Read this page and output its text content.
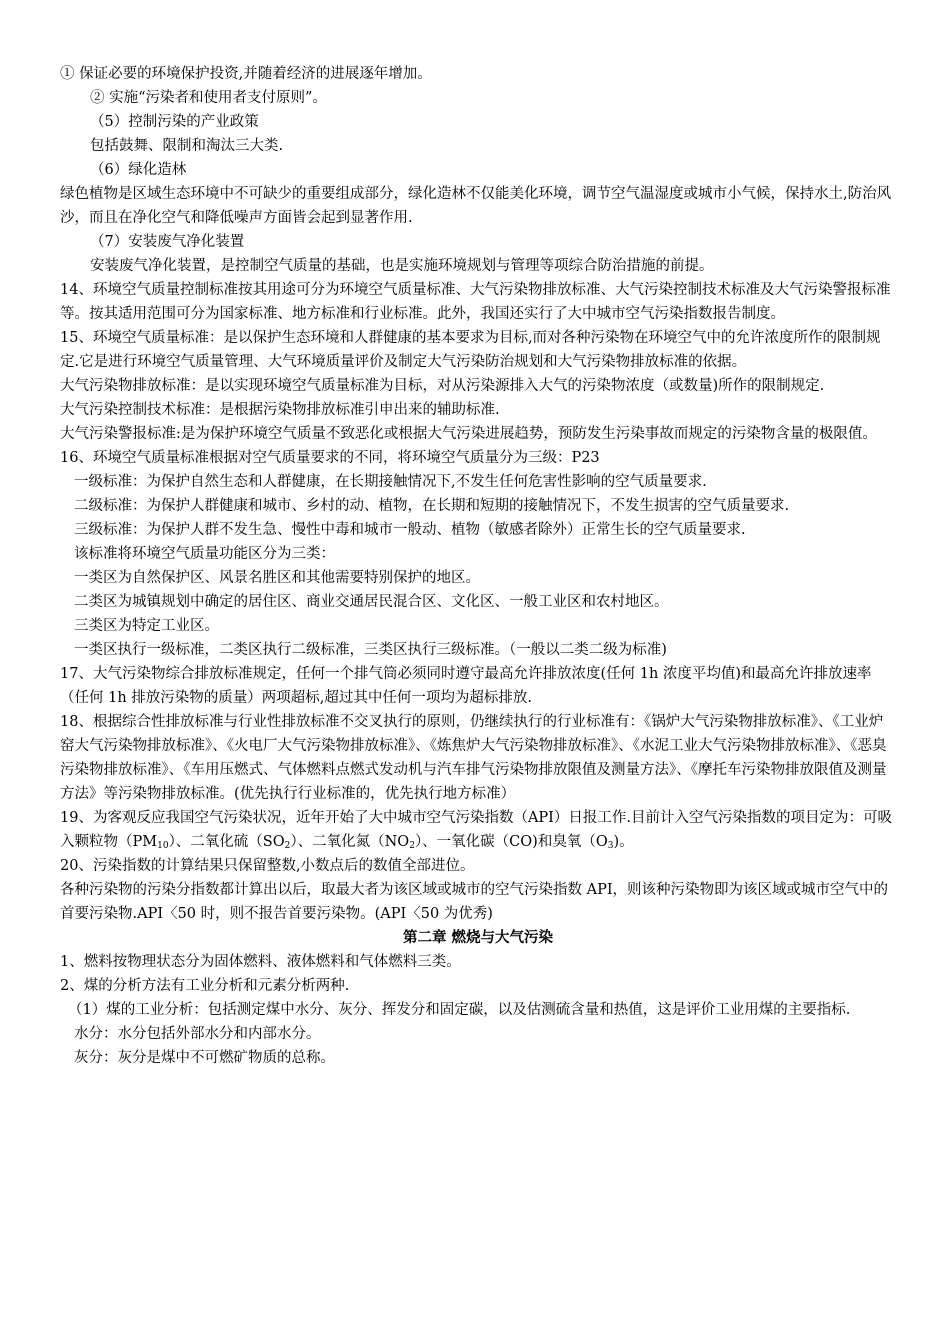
① 保证必要的环境保护投资,并随着经济的进展逐年增加。

② 实施“污染者和使用者支付原则”。

（5）控制污染的产业政策

包括鼓舞、限制和淘汰三大类.

（6）绿化造林

绿色植物是区域生态环境中不可缺少的重要组成部分，绿化造林不仅能美化环境，调节空气温湿度或城市小气候，保持水土,防治风沙，而且在净化空气和降低噪声方面皆会起到显著作用.

（7）安装废气净化装置

安装废气净化装置，是控制空气质量的基础，也是实施环境规划与管理等项综合防治措施的前提。

14、环境空气质量控制标准按其用途可分为环境空气质量标准、大气污染物排放标准、大气污染控制技术标准及大气污染警报标准等。按其适用范围可分为国家标准、地方标准和行业标准。此外，我国还实行了大中城市空气污染指数报告制度。

15、环境空气质量标准：是以保护生态环境和人群健康的基本要求为目标,而对各种污染物在环境空气中的允许浓度所作的限制规定.它是进行环境空气质量管理、大气环境质量评价及制定大气污染防治规划和大气污染物排放标准的依据。

大气污染物排放标准：是以实现环境空气质量标准为目标，对从污染源排入大气的污染物浓度（或数量)所作的限制规定.

大气污染控制技术标准：是根据污染物排放标准引申出来的辅助标准.

大气污染警报标准:是为保护环境空气质量不致恶化或根据大气污染进展趋势，预防发生污染事故而规定的污染物含量的极限值。

16、环境空气质量标准根据对空气质量要求的不同，将环境空气质量分为三级：P23

一级标准：为保护自然生态和人群健康，在长期接触情况下,不发生任何危害性影响的空气质量要求.

二级标准：为保护人群健康和城市、乡村的动、植物，在长期和短期的接触情况下，不发生损害的空气质量要求.

三级标准：为保护人群不发生急、慢性中毒和城市一般动、植物（敏感者除外）正常生长的空气质量要求.

该标准将环境空气质量功能区分为三类：

一类区为自然保护区、风景名胜区和其他需要特别保护的地区。

二类区为城镇规划中确定的居住区、商业交通居民混合区、文化区、一般工业区和农村地区。

三类区为特定工业区。

一类区执行一级标准，二类区执行二级标准，三类区执行三级标准。（一般以二类二级为标准)

17、大气污染物综合排放标准规定，任何一个排气筒必须同时遵守最高允许排放浓度(任何 1h 浓度平均值)和最高允许排放速率（任何 1h 排放污染物的质量）两项超标,超过其中任何一项均为超标排放.

18、根据综合性排放标准与行业性排放标准不交叉执行的原则，仍继续执行的行业标准有：《锅炉大气污染物排放标准》、《工业炉窑大气污染物排放标准》、《火电厂大气污染物排放标准》、《炼焦炉大气污染物排放标准》、《水泥工业大气污染物排放标准》、《恶臭污染物排放标准》、《车用压燃式、气体燃料点燃式发动机与汽车排气污染物排放限值及测量方法》、《摩托车污染物排放限值及测量方法》等污染物排放标准。(优先执行行业标准的，优先执行地方标准）

19、为客观反应我国空气污染状况，近年开始了大中城市空气污染指数（API）日报工作.目前计入空气污染指数的项目定为：可吸入颗粒物$(PM_{10})$、二氧化硫$(SO_2)$、二氧化氮$(NO_2)$、一氧化碳（CO)和臭氧$(O_3)$。

20、污染指数的计算结果只保留整数,小数点后的数值全部进位。

各种污染物的污染分指数都计算出以后，取最大者为该区域或城市的空气污染指数 API，则该种污染物即为该区域或城市空气中的首要污染物.API〈50 时，则不报告首要污染物。(API〈50 为优秀)

第二章 燃烧与大气污染

1、燃料按物理状态分为固体燃料、液体燃料和气体燃料三类。

2、煤的分析方法有工业分析和元素分析两种.

（1）煤的工业分析：包括测定煤中水分、灰分、挥发分和固定碳，以及估测硫含量和热值，这是评价工业用煤的主要指标.

水分：水分包括外部水分和内部水分。

灰分：灰分是煤中不可燃矿物质的总称。
